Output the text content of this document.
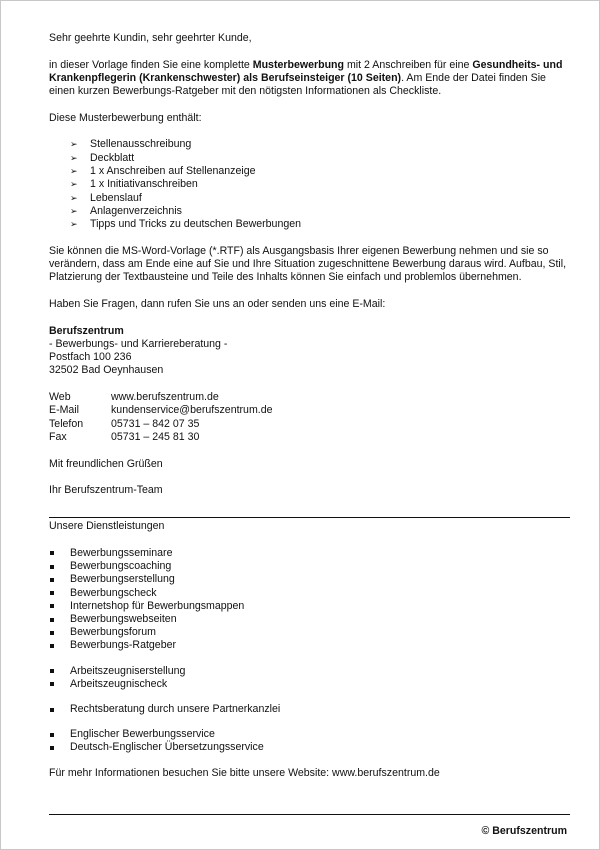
Sehr geehrte Kundin, sehr geehrter Kunde,

in dieser Vorlage finden Sie eine komplette Musterbewerbung mit 2 Anschreiben für eine Gesundheits- und Krankenpflegerin (Krankenschwester) als Berufseinsteiger (10 Seiten). Am Ende der Datei finden Sie einen kurzen Bewerbungs-Ratgeber mit den nötigsten Informationen als Checkliste.

Diese Musterbewerbung enthält:

➢ Stellenausschreibung
➢ Deckblatt
➢ 1 x Anschreiben auf Stellenanzeige
➢ 1 x Initiativanschreiben
➢ Lebenslauf
➢ Anlagenverzeichnis
➢ Tipps und Tricks zu deutschen Bewerbungen

Sie können die MS-Word-Vorlage (*.RTF) als Ausgangsbasis Ihrer eigenen Bewerbung nehmen und sie so verändern, dass am Ende eine auf Sie und Ihre Situation zugeschnittene Bewerbung daraus wird. Aufbau, Stil, Platzierung der Textbausteine und Teile des Inhalts können Sie einfach und problemlos übernehmen.

Haben Sie Fragen, dann rufen Sie uns an oder senden uns eine E-Mail:

Berufszentrum

- Bewerbungs- und Karriereberatung -

Postfach 100 236

32502 Bad Oeynhausen

Web	www.berufszentrum.de
E-Mail	kundenservice@berufszentrum.de
Telefon	05731 – 842 07 35
Fax	05731 – 245 81 30

Mit freundlichen Grüßen

Ihr Berufszentrum-Team

Unsere Dienstleistungen

Bewerbungsseminare
Bewerbungscoaching
Bewerbungserstellung
Bewerbungscheck
Internetshop für Bewerbungsmappen
Bewerbungswebseiten
Bewerbungsforum
Bewerbungs-Ratgeber
Arbeitszeugniserstellung
Arbeitszeugnischeck
Rechtsberatung durch unsere Partnerkanzlei
Englischer Bewerbungsservice
Deutsch-Englischer Übersetzungsservice

Für mehr Informationen besuchen Sie bitte unsere Website: www.berufszentrum.de

© Berufszentrum
